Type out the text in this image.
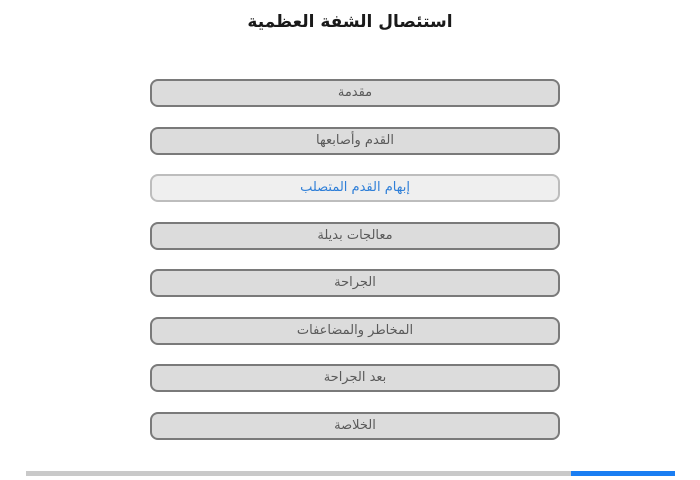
استئصال الشفة العظمية
مقدمة
القدم وأصابعها
إبهام القدم المتصلب
معالجات بديلة
الجراحة
المخاطر والمضاعفات
بعد الجراحة
الخلاصة
